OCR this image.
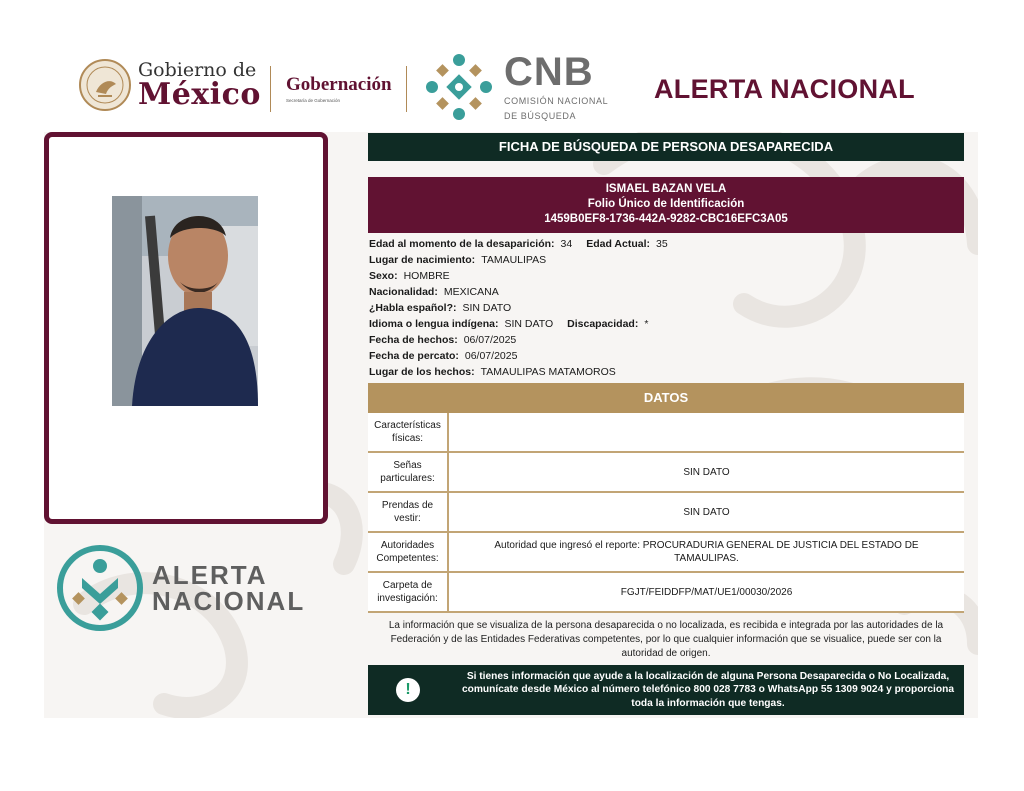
Gobierno de
México Gobernación
Secretaría de Gobernación
CNB
COMISIÓN NACIONAL
DE BÚSQUEDA
ALERTA NACIONAL
ALERTA
NACIONAL
FICHA DE BÚSQUEDA DE PERSONA DESAPARECIDA
ISMAEL BAZAN VELA
Folio Único de Identificación
1459B0EF8-1736-442A-9282-CBC16EFC3A05
Edad al momento de la desaparición: 34 Edad Actual: 35
Lugar de nacimiento: TAMAULIPAS
Sexo: HOMBRE
Nacionalidad: MEXICANA
¿Habla español?: SIN DATO
Idioma o lengua indígena: SIN DATO Discapacidad: *
Fecha de hechos: 06/07/2025
Fecha de percato: 06/07/2025
Lugar de los hechos: TAMAULIPAS MATAMOROS
DATOS
Características físicas:
Señas particulares:
SIN DATO
Prendas de vestir:
SIN DATO
Autoridades Competentes:
Autoridad que ingresó el reporte: PROCURADURIA GENERAL DE JUSTICIA DEL ESTADO DE TAMAULIPAS.
Carpeta de investigación:
FGJT/FEIDDFP/MAT/UE1/00030/2026
La información que se visualiza de la persona desaparecida o no localizada, es recibida e integrada por las autoridades de la Federación y de las Entidades Federativas competentes, por lo que cualquier información que se visualice, puede ser con la autoridad de origen.
!
Si tienes información que ayude a la localización de alguna Persona Desaparecida o No Localizada, comunícate desde México al número telefónico 800 028 7783 o WhatsApp 55 1309 9024 y proporciona toda la información que tengas.
